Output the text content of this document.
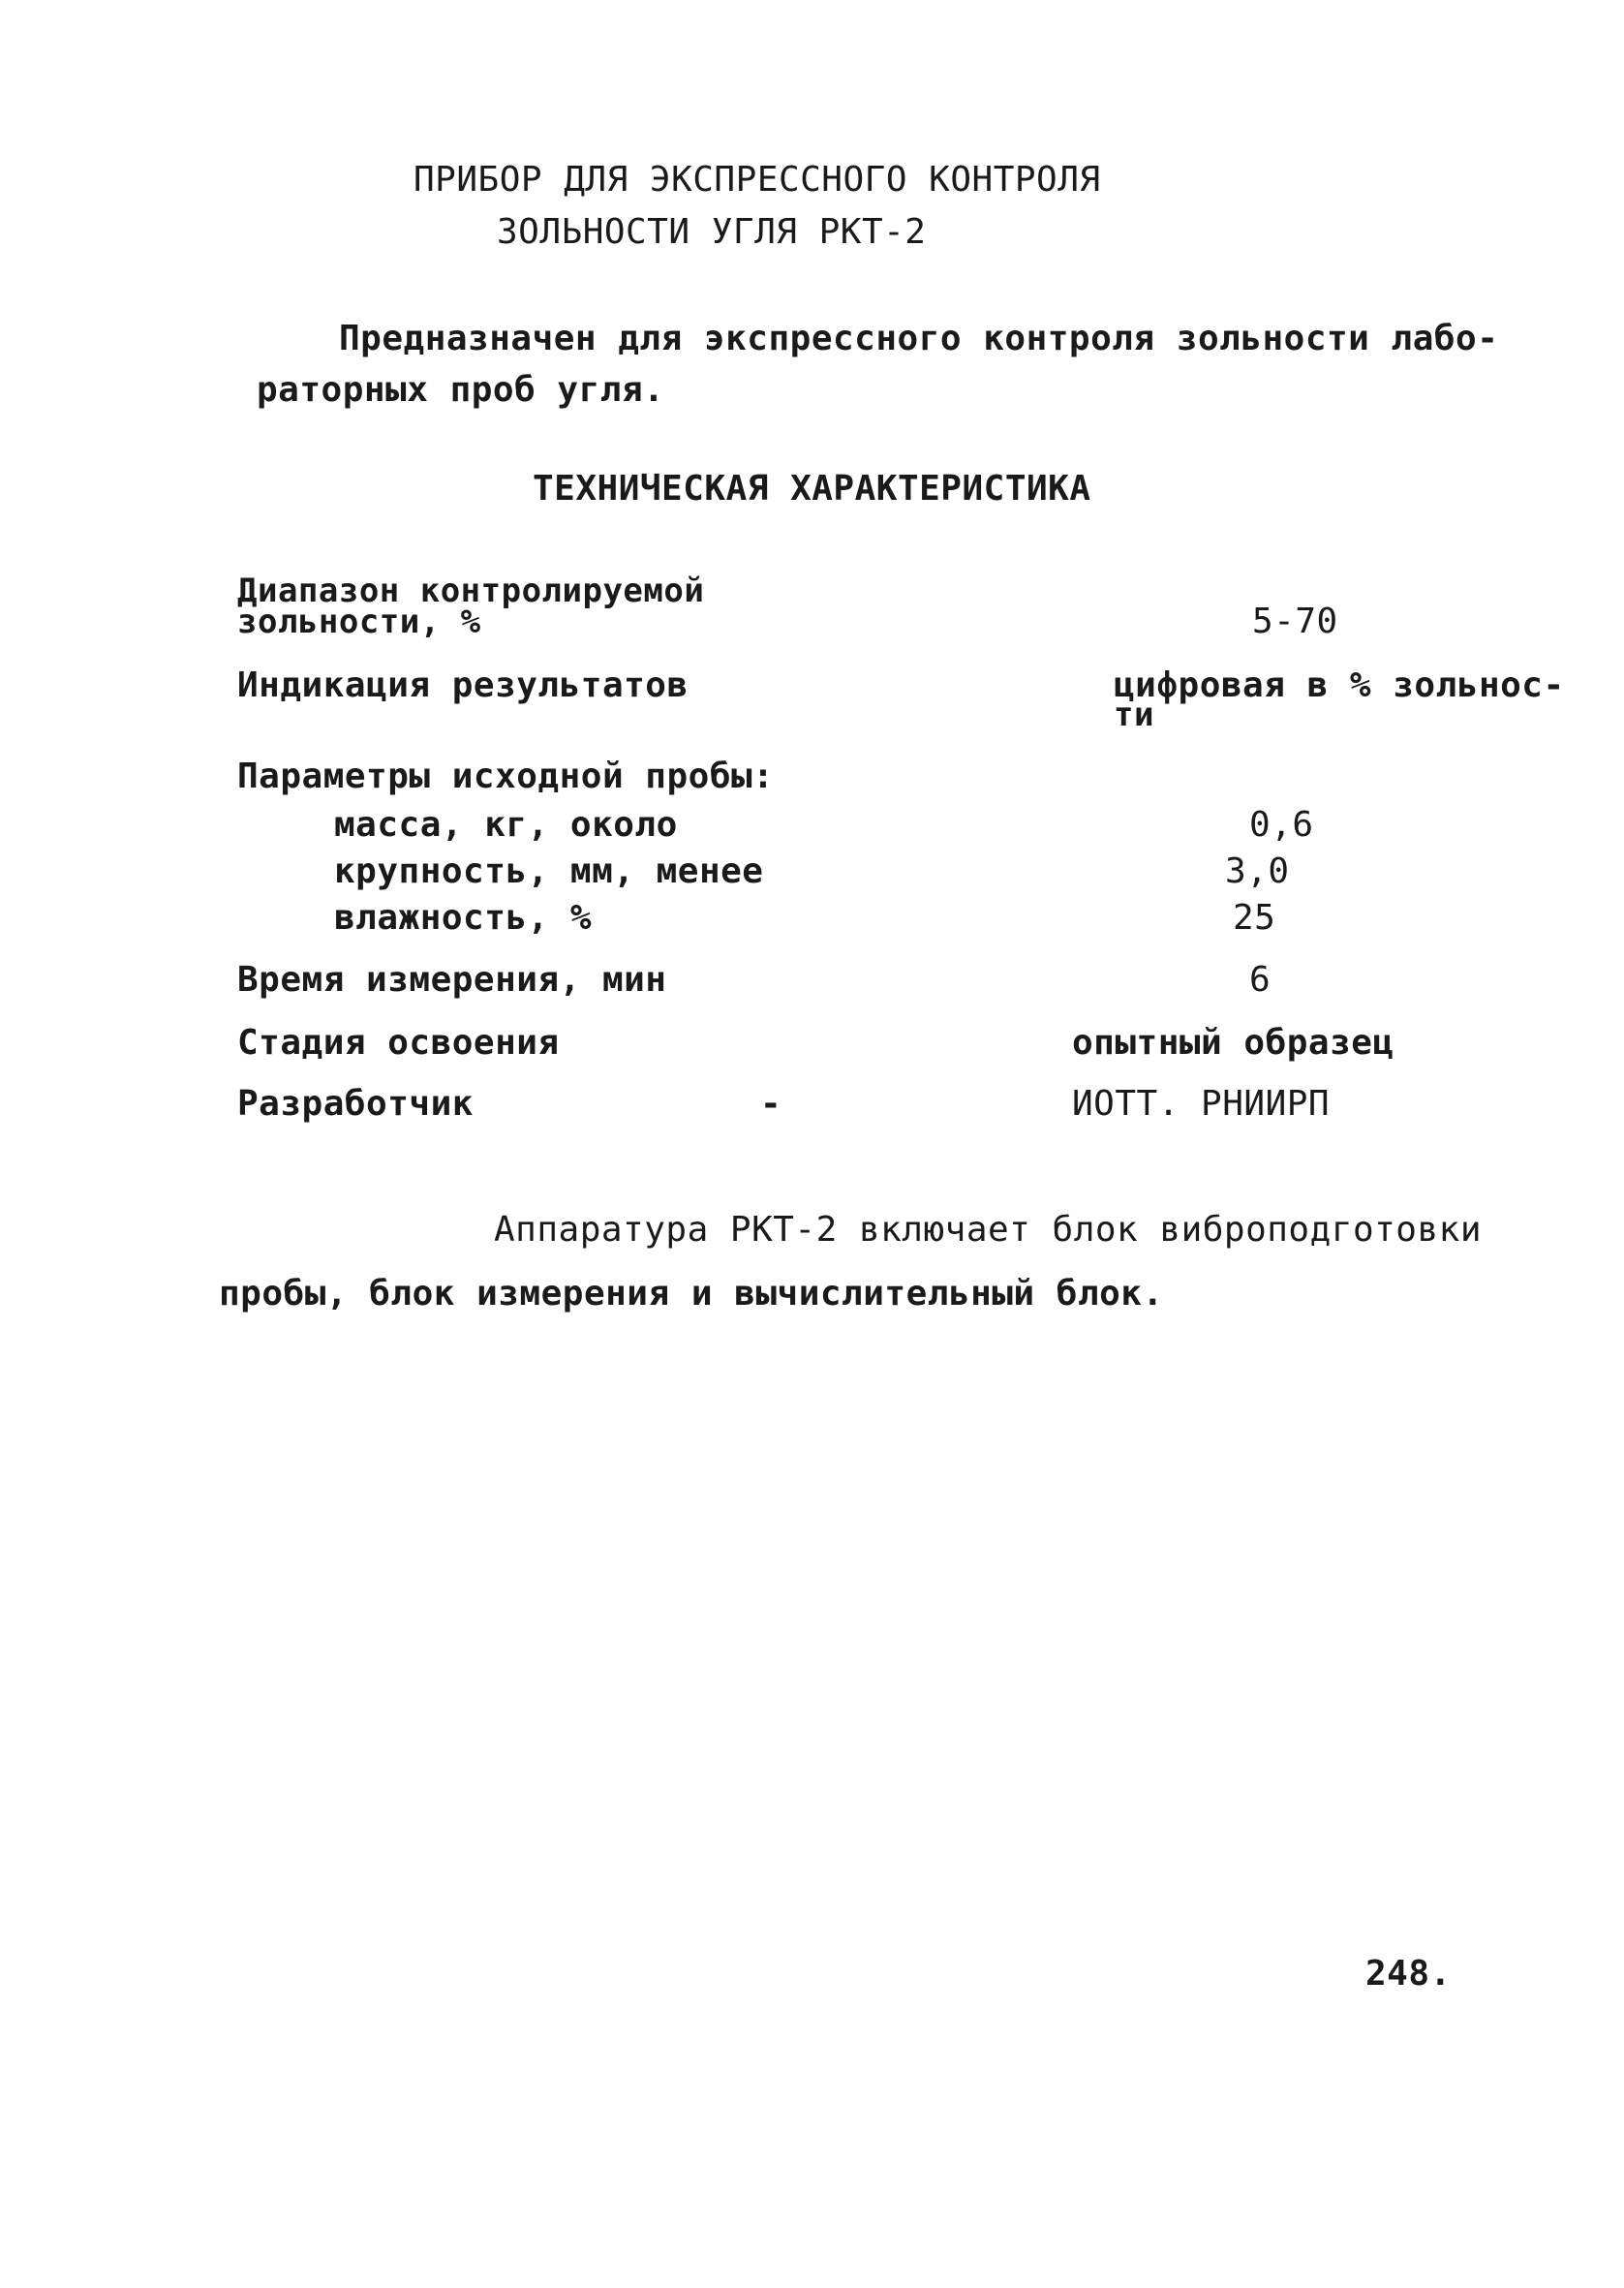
ПРИБОР ДЛЯ ЭКСПРЕССНОГО КОНТРОЛЯ
ЗОЛЬНОСТИ УГЛЯ РКТ-2
Предназначен для экспрессного контроля зольности лабо-
раторных проб угля.
ТЕХНИЧЕСКАЯ ХАРАКТЕРИСТИКА
Диапазон контролируемой
зольности, %	5-70
Индикация результатов	цифровая в % зольнос-
ти
Параметры исходной пробы:
масса, кг, около	0,6
крупность, мм, менее	3,0
влажность, %	25
Время измерения, мин	6
Стадия освоения	опытный образец
Разработчик	-	ИОТТ. РНИИРП
Аппаратура РКТ-2 включает блок виброподготовки
пробы, блок измерения и вычислительный блок.
248.
